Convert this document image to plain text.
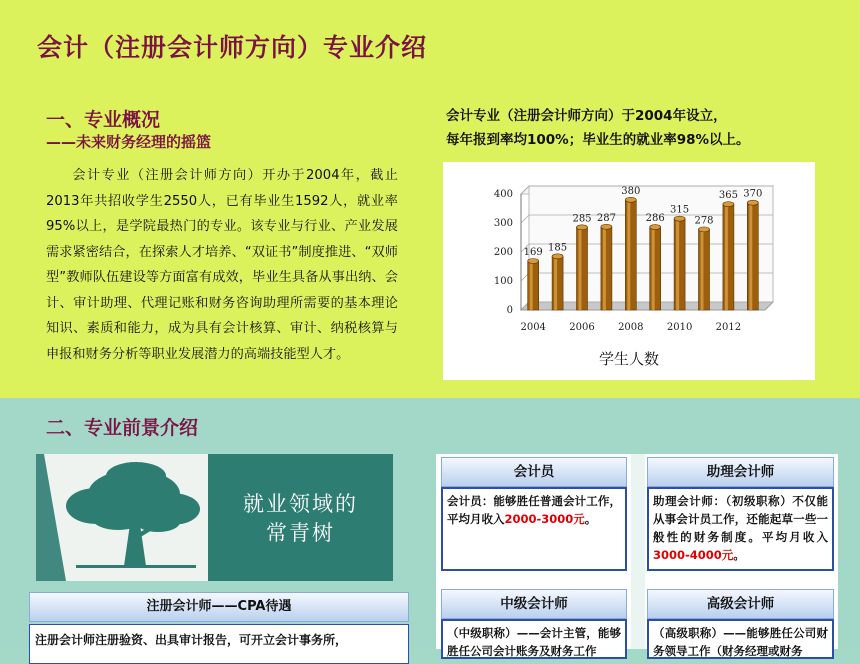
会计（注册会计师方向）专业介绍
一、专业概况
——未来财务经理的摇篮
会计专业（注册会计师方向）开办于2004年，截止2013年共招收学生2550人，已有毕业生1592人，就业率95%以上，是学院最热门的专业。该专业与行业、产业发展需求紧密结合，在探索人才培养、“双证书”制度推进、“双师型”教师队伍建设等方面富有成效，毕业生具备从事出纳、会计、审计助理、代理记账和财务咨询助理所需要的基本理论知识、素质和能力，成为具有会计核算、审计、纳税核算与申报和财务分析等职业发展潜力的高端技能型人才。
会计专业（注册会计师方向）于2004年设立，
每年报到率均100%；毕业生的就业率98%以上。
0
100
200
300
400
169 185
285 287
380
286
315
278
365 370
2004 2006 2008 2010 2012
学生人数
二、专业前景介绍
就业领域的
常青树
会计员
会计员：能够胜任普通会计工作，平均月收入2000-3000元。
助理会计师
助理会计师：（初级职称）不仅能从事会计员工作，还能起草一些一般性的财务制度。平均月收入3000-4000元。
中级会计师
（中级职称）——会计主管，能够胜任公司会计账务及财务工作
高级会计师
（高级职称）——能够胜任公司财务领导工作（财务经理或财务
注册会计师——CPA待遇
注册会计师注册验资、出具审计报告，可开立会计事务所，
